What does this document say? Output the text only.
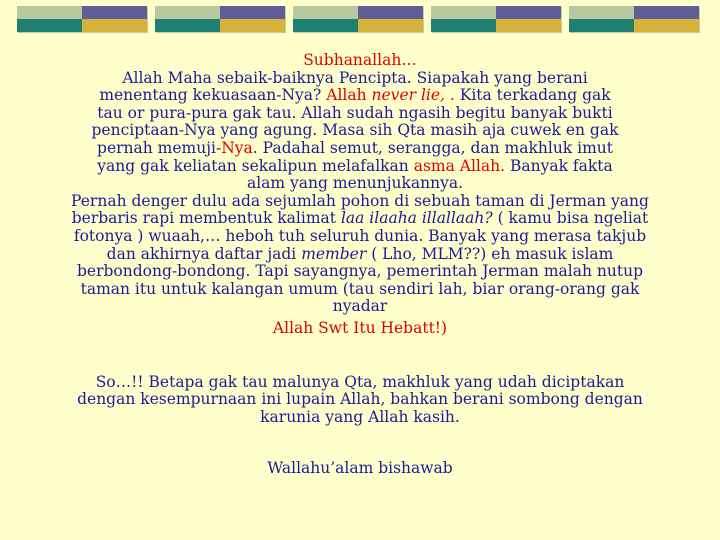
Subhanallah…

Allah Maha sebaik-baiknya Pencipta. Siapakah yang berani menentang kekuasaan-Nya? Allah never lie, . Kita terkadang gak tau or pura-pura gak tau. Allah sudah ngasih begitu banyak bukti penciptaan-Nya yang agung. Masa sih Qta masih aja cuwek en gak pernah memuji-Nya. Padahal semut, serangga, dan makhluk imut yang gak keliatan sekalipun melafalkan asma Allah. Banyak fakta alam yang menunjukannya.

Pernah denger dulu ada sejumlah pohon di sebuah taman di Jerman yang berbaris rapi membentuk kalimat laa ilaaha illallaah? ( kamu bisa ngeliat fotonya ) wuaah,… heboh tuh seluruh dunia. Banyak yang merasa takjub dan akhirnya daftar jadi member ( Lho, MLM??) eh masuk islam berbondong-bondong. Tapi sayangnya, pemerintah Jerman malah nutup taman itu untuk kalangan umum (tau sendiri lah, biar orang-orang gak nyadar

Allah Swt Itu Hebatt!)

So…!! Betapa gak tau malunya Qta, makhluk yang udah diciptakan dengan kesempurnaan ini lupain Allah, bahkan berani sombong dengan karunia yang Allah kasih.

Wallahu’alam bishawab
